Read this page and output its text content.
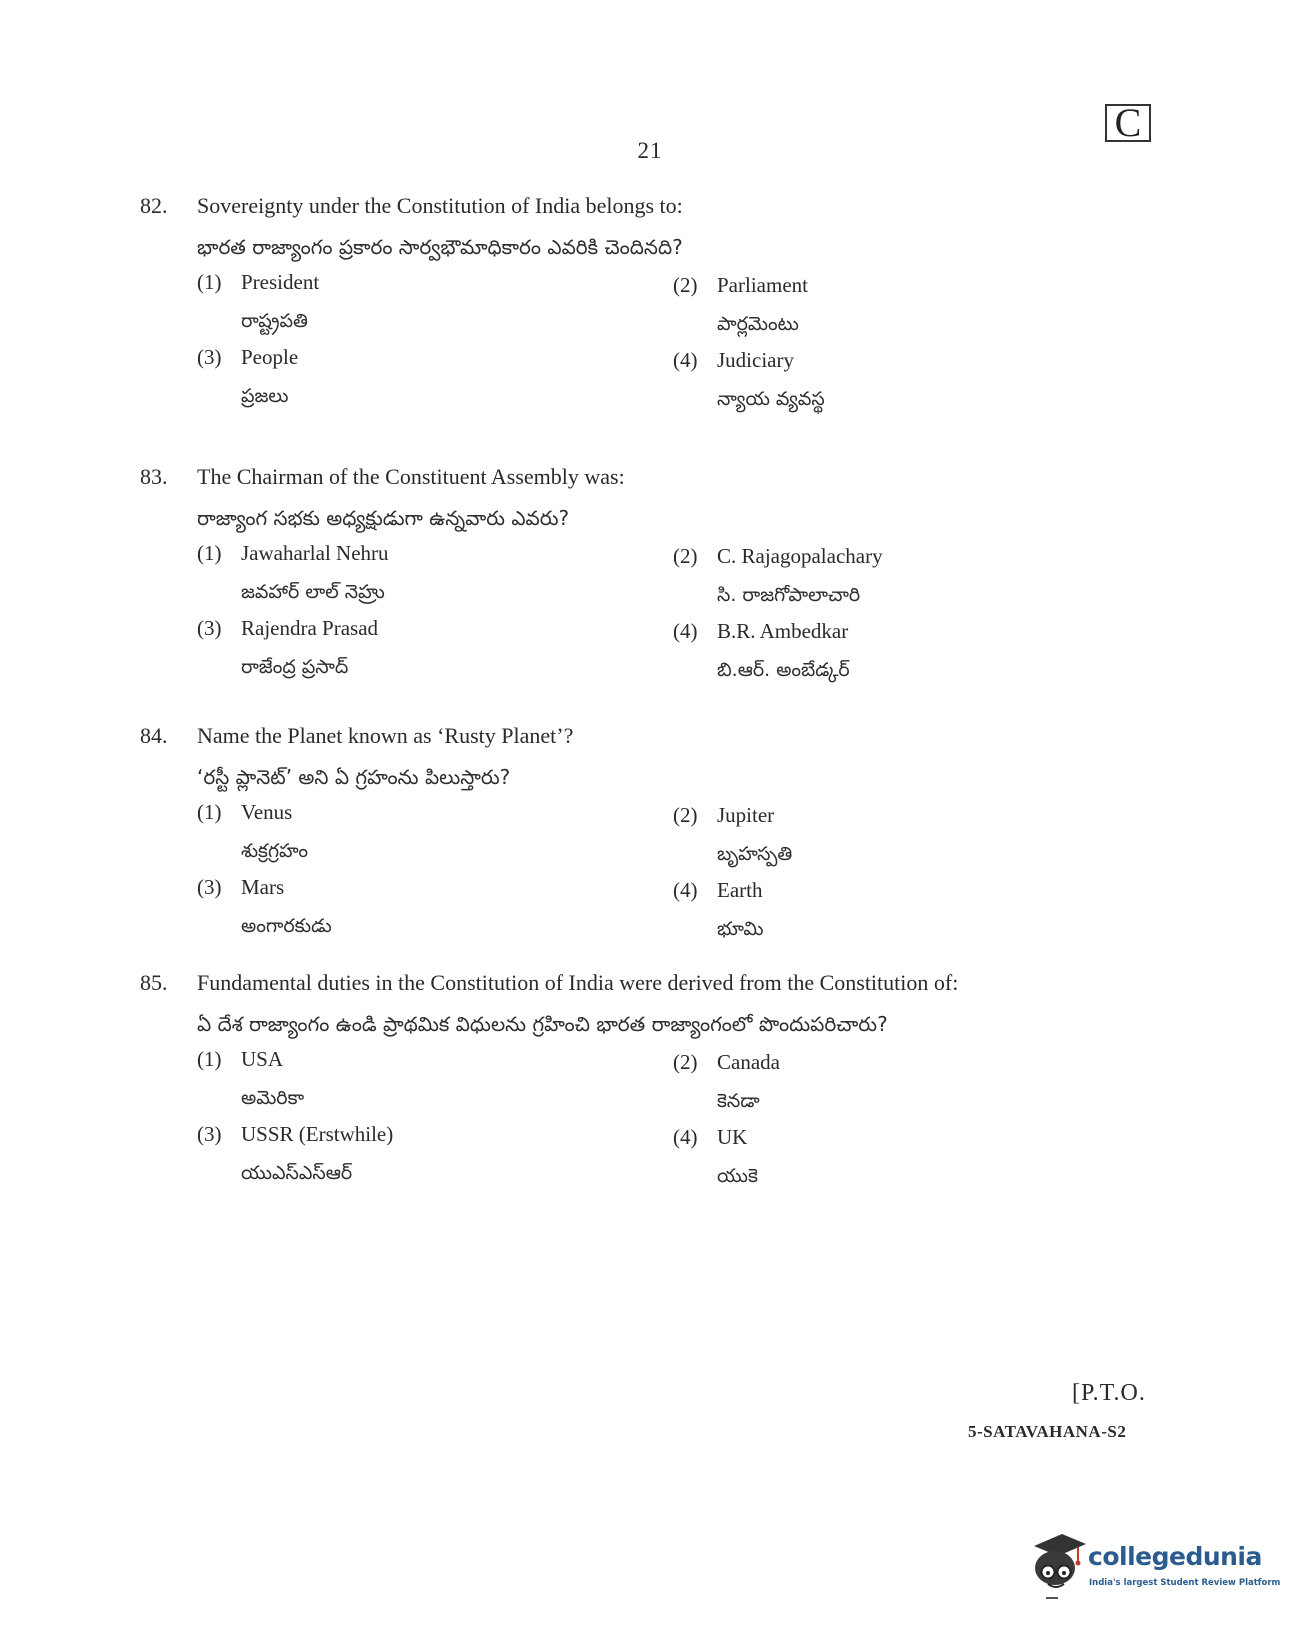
C
21
82. Sovereignty under the Constitution of India belongs to:
భారత రాజ్యాంగం ప్రకారం సార్వభౌమాధికారం ఎవరికి చెందినది?
(1) President
రాష్ట్రపతి
(2) Parliament
పార్లమెంటు
(3) People
ప్రజలు
(4) Judiciary
న్యాయ వ్యవస్థ
83. The Chairman of the Constituent Assembly was:
రాజ్యాంగ సభకు అధ్యక్షుడుగా ఉన్నవారు ఎవరు?
(1) Jawaharlal Nehru
జవహార్ లాల్ నెహ్రు
(2) C. Rajagopalachary
సి. రాజగోపాలాచారి
(3) Rajendra Prasad
రాజేంద్ర ప్రసాద్
(4) B.R. Ambedkar
బి.ఆర్. అంబేడ్కర్
84. Name the Planet known as ‘Rusty Planet’?
‘రస్టీ ప్లానెట్’ అని ఏ గ్రహంను పిలుస్తారు?
(1) Venus
శుక్రగ్రహం
(2) Jupiter
బృహస్పతి
(3) Mars
అంగారకుడు
(4) Earth
భూమి
85. Fundamental duties in the Constitution of India were derived from the Constitution of:
ఏ దేశ రాజ్యాంగం ఉండి ప్రాథమిక విధులను గ్రహించి భారత రాజ్యాంగంలో పొందుపరిచారు?
(1) USA
అమెరికా
(2) Canada
కెనడా
(3) USSR (Erstwhile)
యుఎస్ఎస్ఆర్
(4) UK
యుకె
[P.T.O.
5-SATAVAHANA-S2
collegedunia
India's largest Student Review Platform
